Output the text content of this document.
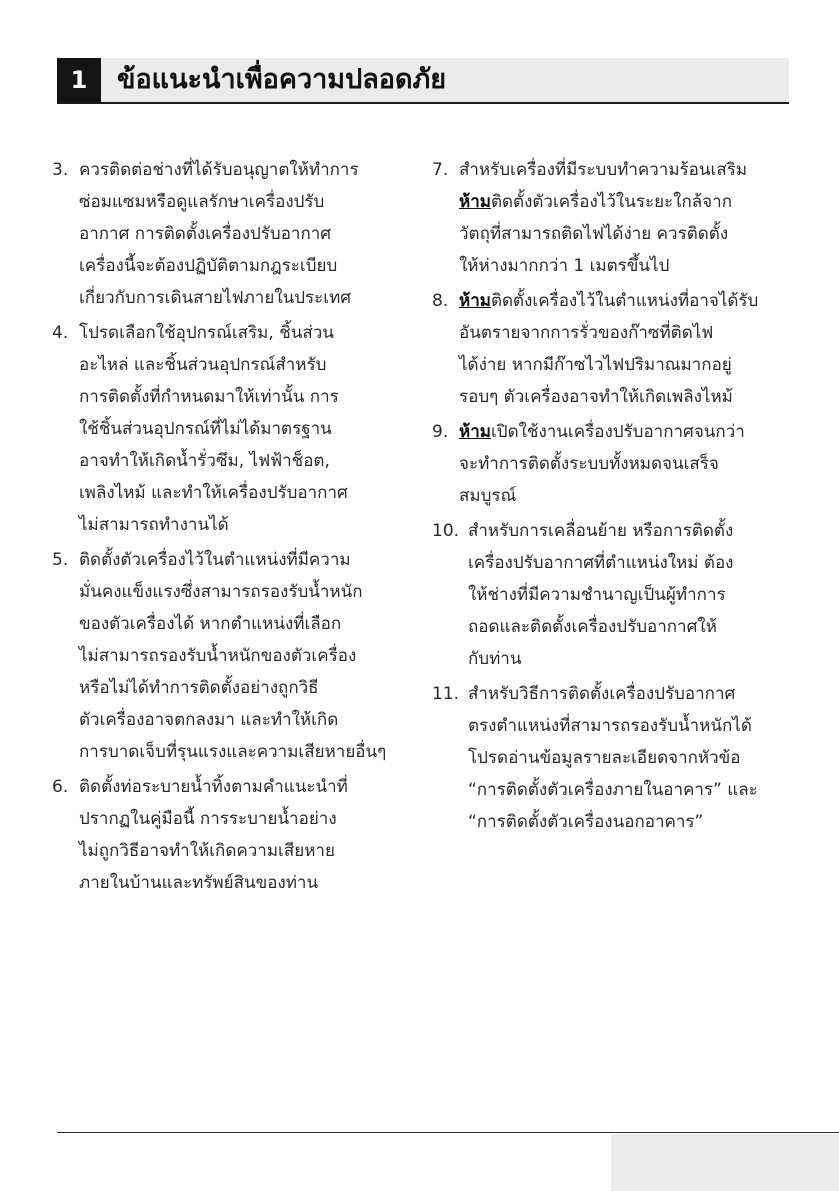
1	ข้อแนะนำเพื่อความปลอดภัย
3. ควรติดต่อช่างที่ได้รับอนุญาตให้ทำการ
ซ่อมแซมหรือดูแลรักษาเครื่องปรับ
อากาศ การติดตั้งเครื่องปรับอากาศ
เครื่องนี้จะต้องปฏิบัติตามกฎระเบียบ
เกี่ยวกับการเดินสายไฟภายในประเทศ
4. โปรดเลือกใช้อุปกรณ์เสริม, ชิ้นส่วน
อะไหล่ และชิ้นส่วนอุปกรณ์สำหรับ
การติดตั้งที่กำหนดมาให้เท่านั้น การ
ใช้ชิ้นส่วนอุปกรณ์ที่ไม่ได้มาตรฐาน
อาจทำให้เกิดน้ำรั่วซึม, ไฟฟ้าช็อต,
เพลิงไหม้ และทำให้เครื่องปรับอากาศ
ไม่สามารถทำงานได้
5. ติดตั้งตัวเครื่องไว้ในตำแหน่งที่มีความ
มั่นคงแข็งแรงซึ่งสามารถรองรับน้ำหนัก
ของตัวเครื่องได้ หากตำแหน่งที่เลือก
ไม่สามารถรองรับน้ำหนักของตัวเครื่อง
หรือไม่ได้ทำการติดตั้งอย่างถูกวิธี
ตัวเครื่องอาจตกลงมา และทำให้เกิด
การบาดเจ็บที่รุนแรงและความเสียหายอื่นๆ
6. ติดตั้งท่อระบายน้ำทิ้งตามคำแนะนำที่
ปรากฏในคู่มือนี้ การระบายน้ำอย่าง
ไม่ถูกวิธีอาจทำให้เกิดความเสียหาย
ภายในบ้านและทรัพย์สินของท่าน
7. สำหรับเครื่องที่มีระบบทำความร้อนเสริม
ห้ามติดตั้งตัวเครื่องไว้ในระยะใกล้จาก
วัตถุที่สามารถติดไฟได้ง่าย ควรติดตั้ง
ให้ห่างมากกว่า 1 เมตรขึ้นไป
8. ห้ามติดตั้งเครื่องไว้ในตำแหน่งที่อาจได้รับ
อันตรายจากการรั่วของก๊าซที่ติดไฟ
ได้ง่าย หากมีก๊าซไวไฟปริมาณมากอยู่
รอบๆ ตัวเครื่องอาจทำให้เกิดเพลิงไหม้
9. ห้ามเปิดใช้งานเครื่องปรับอากาศจนกว่า
จะทำการติดตั้งระบบทั้งหมดจนเสร็จ
สมบูรณ์
10. สำหรับการเคลื่อนย้าย หรือการติดตั้ง
เครื่องปรับอากาศที่ตำแหน่งใหม่ ต้อง
ให้ช่างที่มีความชำนาญเป็นผู้ทำการ
ถอดและติดตั้งเครื่องปรับอากาศให้
กับท่าน
11. สำหรับวิธีการติดตั้งเครื่องปรับอากาศ
ตรงตำแหน่งที่สามารถรองรับน้ำหนักได้
โปรดอ่านข้อมูลรายละเอียดจากหัวข้อ
“การติดตั้งตัวเครื่องภายในอาคาร” และ
“การติดตั้งตัวเครื่องนอกอาคาร”
